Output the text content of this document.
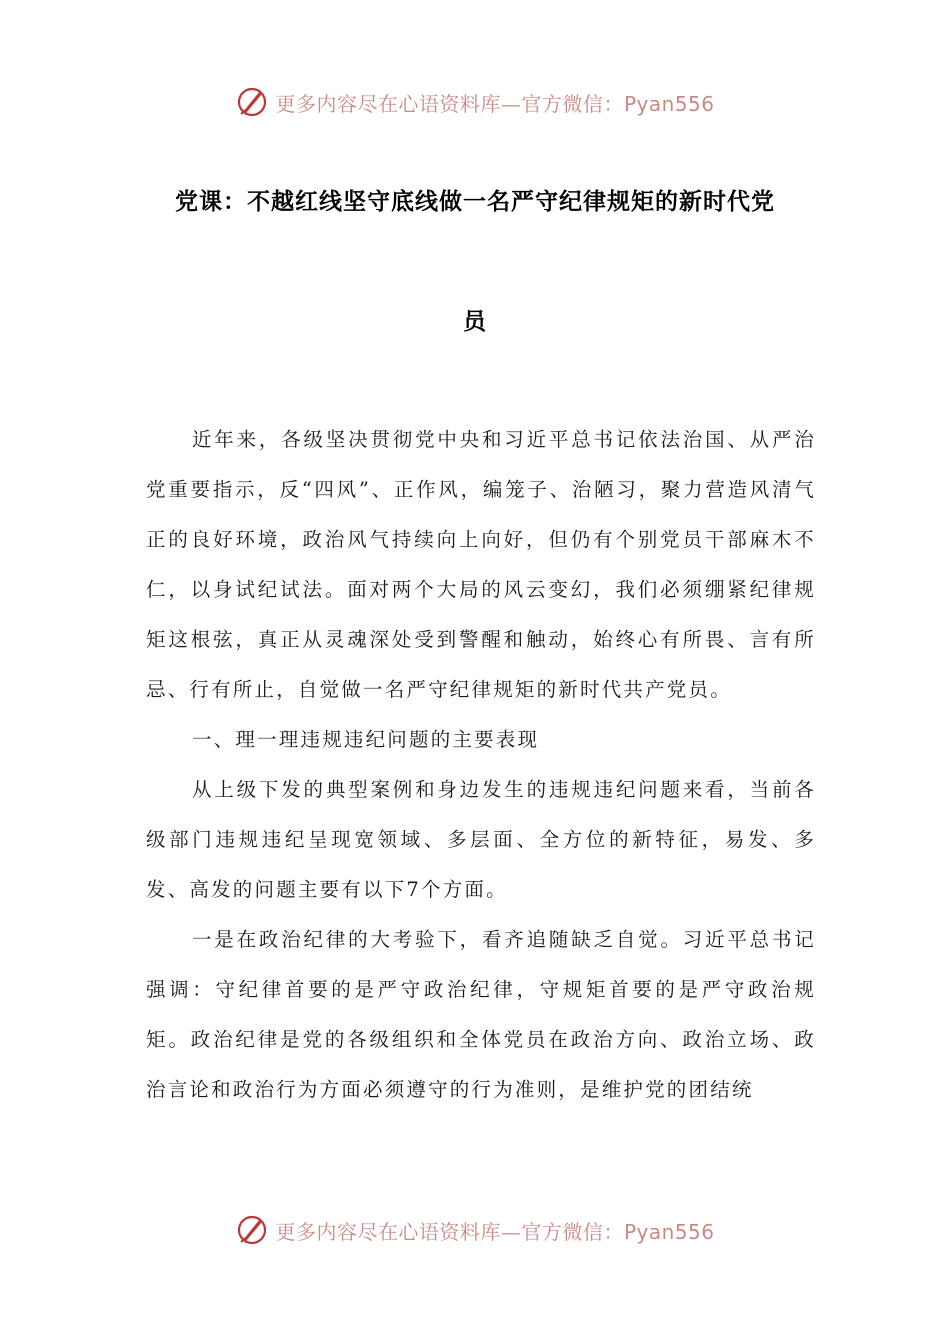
更多内容尽在心语资料库—官方微信：Pyan556
党课：不越红线坚守底线做一名严守纪律规矩的新时代党
员

近年来，各级坚决贯彻党中央和习近平总书记依法治国、从严治党重要指示，反“四风”、正作风，编笼子、治陋习，聚力营造风清气正的良好环境，政治风气持续向上向好，但仍有个别党员干部麻木不仁，以身试纪试法。面对两个大局的风云变幻，我们必须绷紧纪律规矩这根弦，真正从灵魂深处受到警醒和触动，始终心有所畏、言有所忌、行有所止，自觉做一名严守纪律规矩的新时代共产党员。

一、理一理违规违纪问题的主要表现

从上级下发的典型案例和身边发生的违规违纪问题来看，当前各级部门违规违纪呈现宽领域、多层面、全方位的新特征，易发、多发、高发的问题主要有以下7个方面。

一是在政治纪律的大考验下，看齐追随缺乏自觉。习近平总书记强调：守纪律首要的是严守政治纪律，守规矩首要的是严守政治规矩。政治纪律是党的各级组织和全体党员在政治方向、政治立场、政治言论和政治行为方面必须遵守的行为准则，是维护党的团结统

更多内容尽在心语资料库—官方微信：Pyan556
